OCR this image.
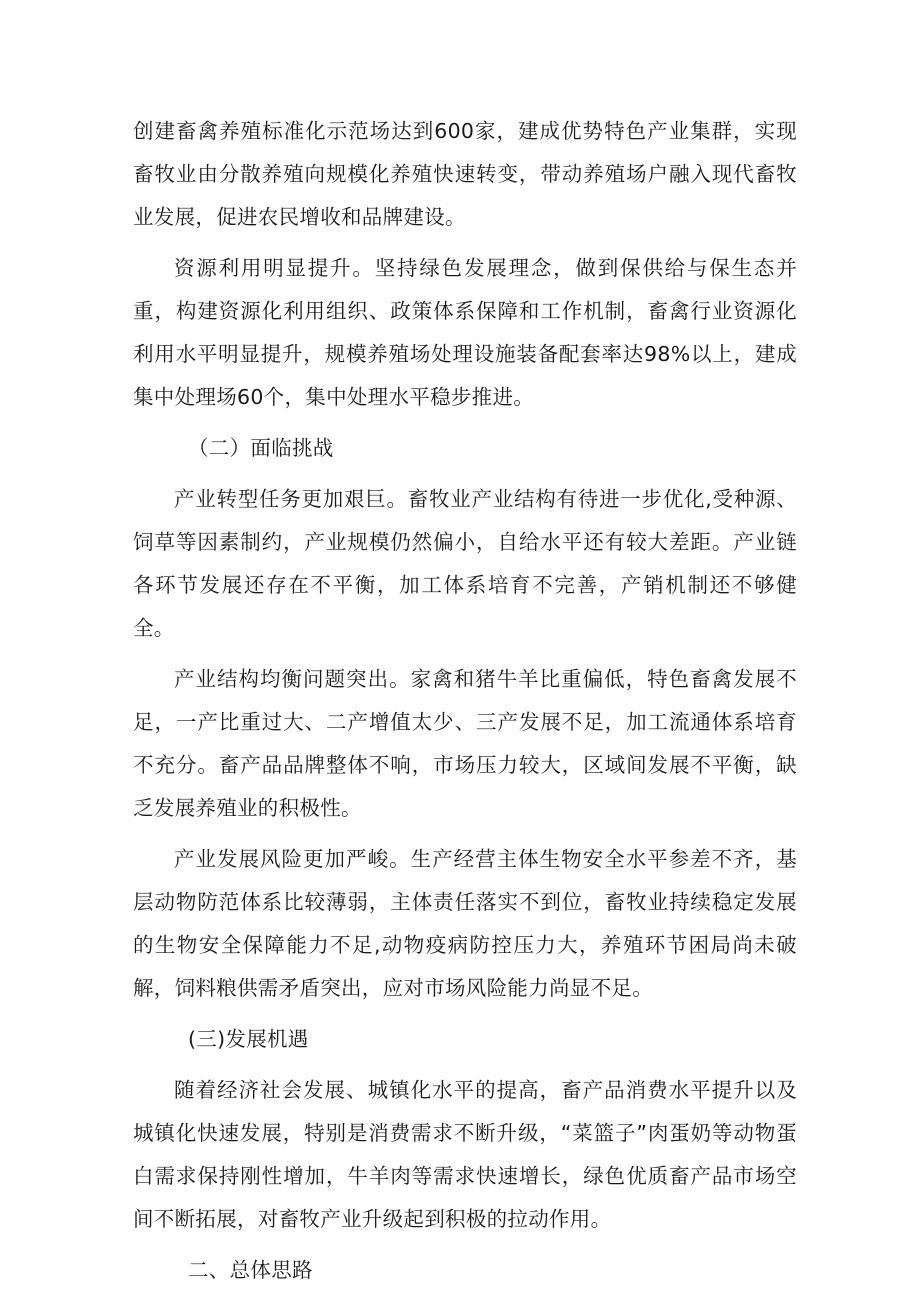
创建畜禽养殖标准化示范场达到600家，建成优势特色产业集群，实现畜牧业由分散养殖向规模化养殖快速转变，带动养殖场户融入现代畜牧业发展，促进农民增收和品牌建设。

资源利用明显提升。坚持绿色发展理念，做到保供给与保生态并重，构建资源化利用组织、政策体系保障和工作机制，畜禽行业资源化利用水平明显提升，规模养殖场处理设施装备配套率达98%以上，建成集中处理场60个，集中处理水平稳步推进。

（二）面临挑战

产业转型任务更加艰巨。畜牧业产业结构有待进一步优化,受种源、饲草等因素制约，产业规模仍然偏小，自给水平还有较大差距。产业链各环节发展还存在不平衡，加工体系培育不完善，产销机制还不够健全。

产业结构均衡问题突出。家禽和猪牛羊比重偏低，特色畜禽发展不足，一产比重过大、二产增值太少、三产发展不足，加工流通体系培育不充分。畜产品品牌整体不响，市场压力较大，区域间发展不平衡，缺乏发展养殖业的积极性。

产业发展风险更加严峻。生产经营主体生物安全水平参差不齐，基层动物防范体系比较薄弱，主体责任落实不到位，畜牧业持续稳定发展的生物安全保障能力不足,动物疫病防控压力大，养殖环节困局尚未破解，饲料粮供需矛盾突出，应对市场风险能力尚显不足。

(三)发展机遇

随着经济社会发展、城镇化水平的提高，畜产品消费水平提升以及城镇化快速发展，特别是消费需求不断升级，“菜篮子”肉蛋奶等动物蛋白需求保持刚性增加，牛羊肉等需求快速增长，绿色优质畜产品市场空间不断拓展，对畜牧产业升级起到积极的拉动作用。

二、总体思路
